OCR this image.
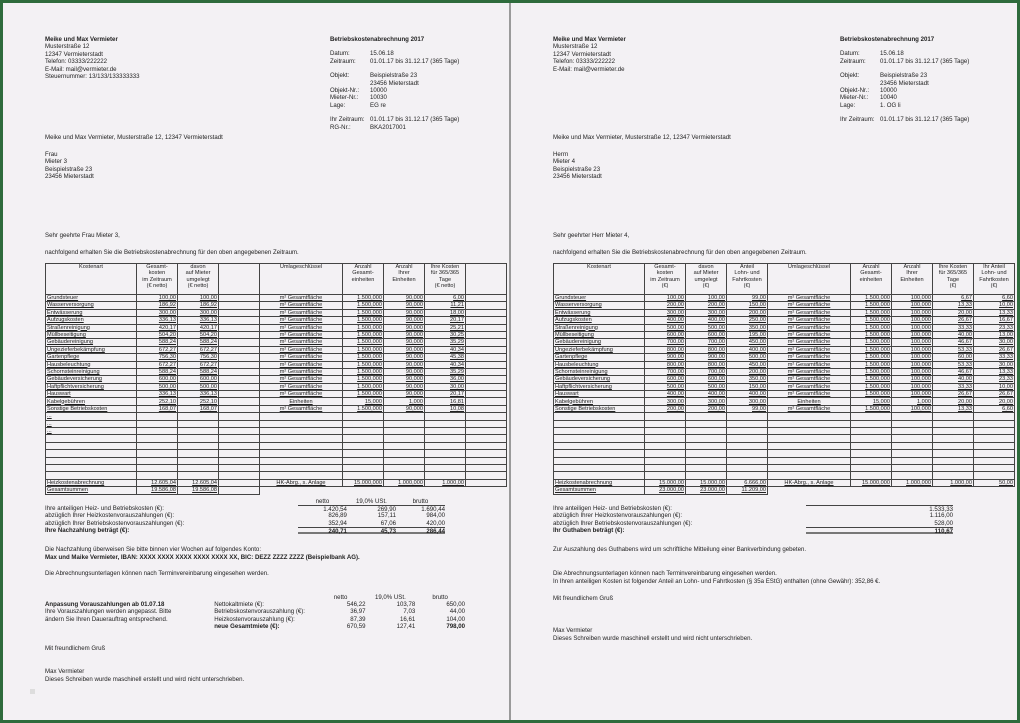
Meike und Max Vermieter
Musterstraße 12
12347 Vermieterstadt
Telefon: 03333/222222
E-Mail: mail@vermieter.de
Steuernummer: 13/133/133333333
Betriebskostenabrechnung 2017
Datum:	15.06.18
Zeitraum:	01.01.17 bis 31.12.17 (365 Tage)
Objekt:	Beispielstraße 23
23456 Mieterstadt
Objekt-Nr.:	10000
Mieter-Nr.:	10030
Lage:	EG re
Ihr Zeitraum: 01.01.17 bis 31.12.17 (365 Tage)
RG-Nr.:	BKA2017001
Meike und Max Vermieter, Musterstraße 12, 12347 Vermieterstadt
Frau
Mieter 3
Beispielstraße 23
23456 Mieterstadt
Sehr geehrte Frau Mieter 3,
nachfolgend erhalten Sie die Betriebskostenabrechnung für den oben angegebenen Zeitraum.
Kostenart	Gesamt-
kosten
im Zeitraum
(€ netto)	davon
auf Mieter
umgelegt
(€ netto)		Umlageschlüssel	Anzahl
Gesamt-
einheiten	Anzahl
Ihrer
Einheiten	Ihre Kosten
für 365/365
Tage
(€ netto)	
Grundsteuer	100,00	100,00		m² Gesamtfläche	1.500,000	90,000	6,00	
Wasserversorgung	186,92	186,92		m² Gesamtfläche	1.500,000	90,000	11,21	
Entwässerung	300,00	300,00		m² Gesamtfläche	1.500,000	90,000	18,00	
Aufzugskosten	336,13	336,13		m² Gesamtfläche	1.500,000	90,000	20,17	
Straßenreinigung	420,17	420,17		m² Gesamtfläche	1.500,000	90,000	25,21	
Müllbeseitigung	504,20	504,20		m² Gesamtfläche	1.500,000	90,000	30,25	
Gebäudereinigung	588,24	588,24		m² Gesamtfläche	1.500,000	90,000	35,29	
Ungezieferbekämpfung	672,27	672,27		m² Gesamtfläche	1.500,000	90,000	40,34	
Gartenpflege	756,30	756,30		m² Gesamtfläche	1.500,000	90,000	45,38	
Hausbeleuchtung	672,27	672,27		m² Gesamtfläche	1.500,000	90,000	40,34	
Schornsteinreinigung	588,24	588,24		m² Gesamtfläche	1.500,000	90,000	35,29	
Gebäudeversicherung	600,00	600,00		m² Gesamtfläche	1.500,000	90,000	36,00	
Haftpflichtversicherung	500,00	500,00		m² Gesamtfläche	1.500,000	90,000	30,00	
Hauswart	336,13	336,13		m² Gesamtfläche	1.500,000	90,000	20,17	
Kabelgebühren	252,10	252,10		Einheiten	15,000	1,000	16,81	
Sonstige Betriebskosten	168,07	168,07		m² Gesamtfläche	1.500,000	90,000	10,08	
...								
...								
...								

Heizkostenabrechnung	12.605,04	12.605,04		HK-Abrg., s. Anlage	15.000,000	1.000,000	1.000,00	
Gesamtsummen	19.586,08	19.586,08						
netto	19,0% USt.	brutto
Ihre anteiligen Heiz- und Betriebskosten (€):	1.420,54	269,90	1.690,44
abzüglich Ihrer Heizkostenvorauszahlungen (€):	826,89	157,11	984,00
abzüglich Ihrer Betriebskostenvorauszahlungen (€):	352,94	67,06	420,00
Ihre Nachzahlung beträgt (€):	240,71	45,73	286,44
Die Nachzahlung überweisen Sie bitte binnen vier Wochen auf folgendes Konto:
Max und Maike Vermieter, IBAN: XXXX XXXX XXXX XXXX XXXX XX, BIC: DEZZ ZZZZ ZZZZ (Beispielbank AG).
Die Abrechnungsunterlagen können nach Terminvereinbarung eingesehen werden.
netto	19,0% USt.	brutto
Anpassung Vorauszahlungen ab 01.07.18	Nettokaltmiete (€):	546,22	103,78	650,00
Ihre Vorauszahlungen werden angepasst. Bitte	Betriebskostenvorauszahlung (€):	36,97	7,03	44,00
ändern Sie Ihren Dauerauftrag entsprechend.	Heizkostenvorauszahlung (€):	87,39	16,61	104,00
neue Gesamtmiete (€):	670,59	127,41	798,00
Mit freundlichem Gruß
Max Vermieter
Dieses Schreiben wurde maschinell erstellt und wird nicht unterschrieben.
Meike und Max Vermieter
Musterstraße 12
12347 Vermieterstadt
Telefon: 03333/222222
E-Mail: mail@vermieter.de
Betriebskostenabrechnung 2017
Datum:	15.06.18
Zeitraum:	01.01.17 bis 31.12.17 (365 Tage)
Objekt:	Beispielstraße 23
23456 Mieterstadt
Objekt-Nr.:	10000
Mieter-Nr.:	10040
Lage:	1. OG li
Ihr Zeitraum: 01.01.17 bis 31.12.17 (365 Tage)
Meike und Max Vermieter, Musterstraße 12, 12347 Vermieterstadt
Herrn
Mieter 4
Beispielstraße 23
23456 Mieterstadt
Sehr geehrter Herr Mieter 4,
nachfolgend erhalten Sie die Betriebskostenabrechnung für den oben angegebenen Zeitraum.
Kostenart	Gesamt-
kosten
im Zeitraum
(€)	davon
auf Mieter
umgelegt
(€)	Anteil
Lohn- und
Fahrtkosten
(€)	Umlageschlüssel	Anzahl
Gesamt-
einheiten	Anzahl
Ihrer
Einheiten	Ihre Kosten
für 365/365
Tage
(€)	Ihr Anteil
Lohn- und
Fahrtkosten
(€)
Grundsteuer	100,00	100,00	99,00	m² Gesamtfläche	1.500,000	100,000	6,67	6,60
Wasserversorgung	200,00	200,00	150,00	m² Gesamtfläche	1.500,000	100,000	13,33	10,00
Entwässerung	300,00	300,00	200,00	m² Gesamtfläche	1.500,000	100,000	20,00	13,33
Aufzugskosten	400,00	400,00	250,00	m² Gesamtfläche	1.500,000	100,000	26,67	16,67
Straßenreinigung	500,00	500,00	350,00	m² Gesamtfläche	1.500,000	100,000	33,33	23,33
Müllbeseitigung	600,00	600,00	195,00	m² Gesamtfläche	1.500,000	100,000	40,00	13,00
Gebäudereinigung	700,00	700,00	450,00	m² Gesamtfläche	1.500,000	100,000	46,67	30,00
Ungezieferbekämpfung	800,00	800,00	400,00	m² Gesamtfläche	1.500,000	100,000	53,33	26,67
Gartenpflege	900,00	900,00	500,00	m² Gesamtfläche	1.500,000	100,000	60,00	33,33
Hausbeleuchtung	800,00	800,00	450,00	m² Gesamtfläche	1.500,000	100,000	53,33	30,00
Schornsteinreinigung	700,00	700,00	200,00	m² Gesamtfläche	1.500,000	100,000	46,67	13,33
Gebäudeversicherung	600,00	600,00	350,00	m² Gesamtfläche	1.500,000	100,000	40,00	23,33
Haftpflichtversicherung	500,00	500,00	150,00	m² Gesamtfläche	1.500,000	100,000	33,33	10,00
Hauswart	400,00	400,00	400,00	m² Gesamtfläche	1.500,000	100,000	26,67	26,67
Kabelgebühren	300,00	300,00	300,00	Einheiten	15,000	1,000	20,00	20,00
Sonstige Betriebskosten	200,00	200,00	99,00	m² Gesamtfläche	1.500,000	100,000	13,33	6,60

Heizkostenabrechnung	15.000,00	15.000,00	6.666,00	HK-Abrg., s. Anlage	15.000,000	1.000,000	1.000,00	50,00
Gesamtsummen	23.000,00	23.000,00	11.209,00					
Ihre anteiligen Heiz- und Betriebskosten (€):	1.533,33
abzüglich Ihrer Heizkostenvorauszahlungen (€):	1.116,00
abzüglich Ihrer Betriebskostenvorauszahlungen (€):	528,00
Ihr Guthaben beträgt (€):	110,67
Zur Auszahlung des Guthabens wird um schriftliche Mitteilung einer Bankverbindung gebeten.
Die Abrechnungsunterlagen können nach Terminvereinbarung eingesehen werden.
In Ihren anteiligen Kosten ist folgender Anteil an Lohn- und Fahrtkosten (§ 35a EStG) enthalten (ohne Gewähr): 352,86 €.
Mit freundlichem Gruß
Max Vermieter
Dieses Schreiben wurde maschinell erstellt und wird nicht unterschrieben.
